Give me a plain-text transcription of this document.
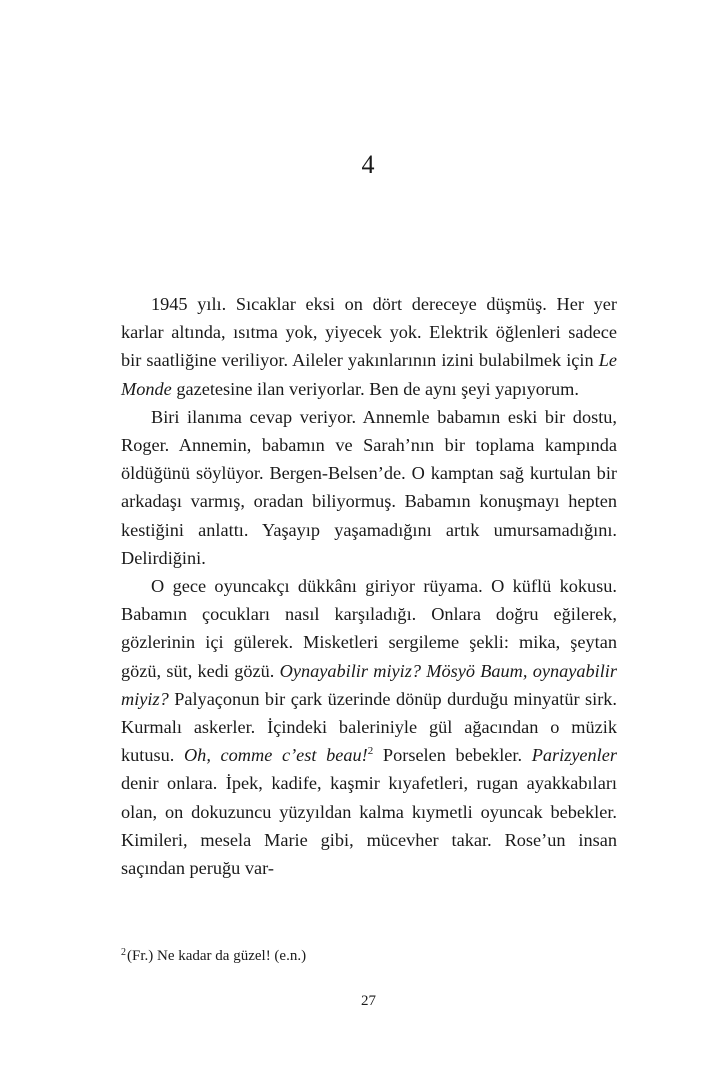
4

1945 yılı. Sıcaklar eksi on dört dereceye düşmüş. Her yer karlar altında, ısıtma yok, yiyecek yok. Elektrik öğlenleri sadece bir saatliğine veriliyor. Aileler yakınlarının izini bulabilmek için Le Monde gazetesine ilan veriyorlar. Ben de aynı şeyi yapıyorum.

Biri ilanıma cevap veriyor. Annemle babamın eski bir dostu, Roger. Annemin, babamın ve Sarah’nın bir toplama kampında öldüğünü söylüyor. Bergen-Belsen’de. O kamptan sağ kurtulan bir arkadaşı varmış, oradan biliyormuş. Babamın konuşmayı hepten kestiğini anlattı. Yaşayıp yaşamadığını artık umursamadığını. Delirdiğini.

O gece oyuncakçı dükkânı giriyor rüyama. O küflü kokusu. Babamın çocukları nasıl karşıladığı. Onlara doğru eğilerek, gözlerinin içi gülerek. Misketleri sergileme şekli: mika, şeytan gözü, süt, kedi gözü. Oynayabilir miyiz? Mösyö Baum, oynayabilir miyiz? Palyaçonun bir çark üzerinde dönüp durduğu minyatür sirk. Kurmalı askerler. İçindeki baleriniyle gül ağacından o müzik kutusu. Oh, comme c’est beau!$^2$ Porselen bebekler. Parizyenler denir onlara. İpek, kadife, kaşmir kıyafetleri, rugan ayakkabıları olan, on dokuzuncu yüzyıldan kalma kıymetli oyuncak bebekler. Kimileri, mesela Marie gibi, mücevher takar. Rose’un insan saçından peruğu var-

$^2$(Fr.) Ne kadar da güzel! (e.n.)
27
